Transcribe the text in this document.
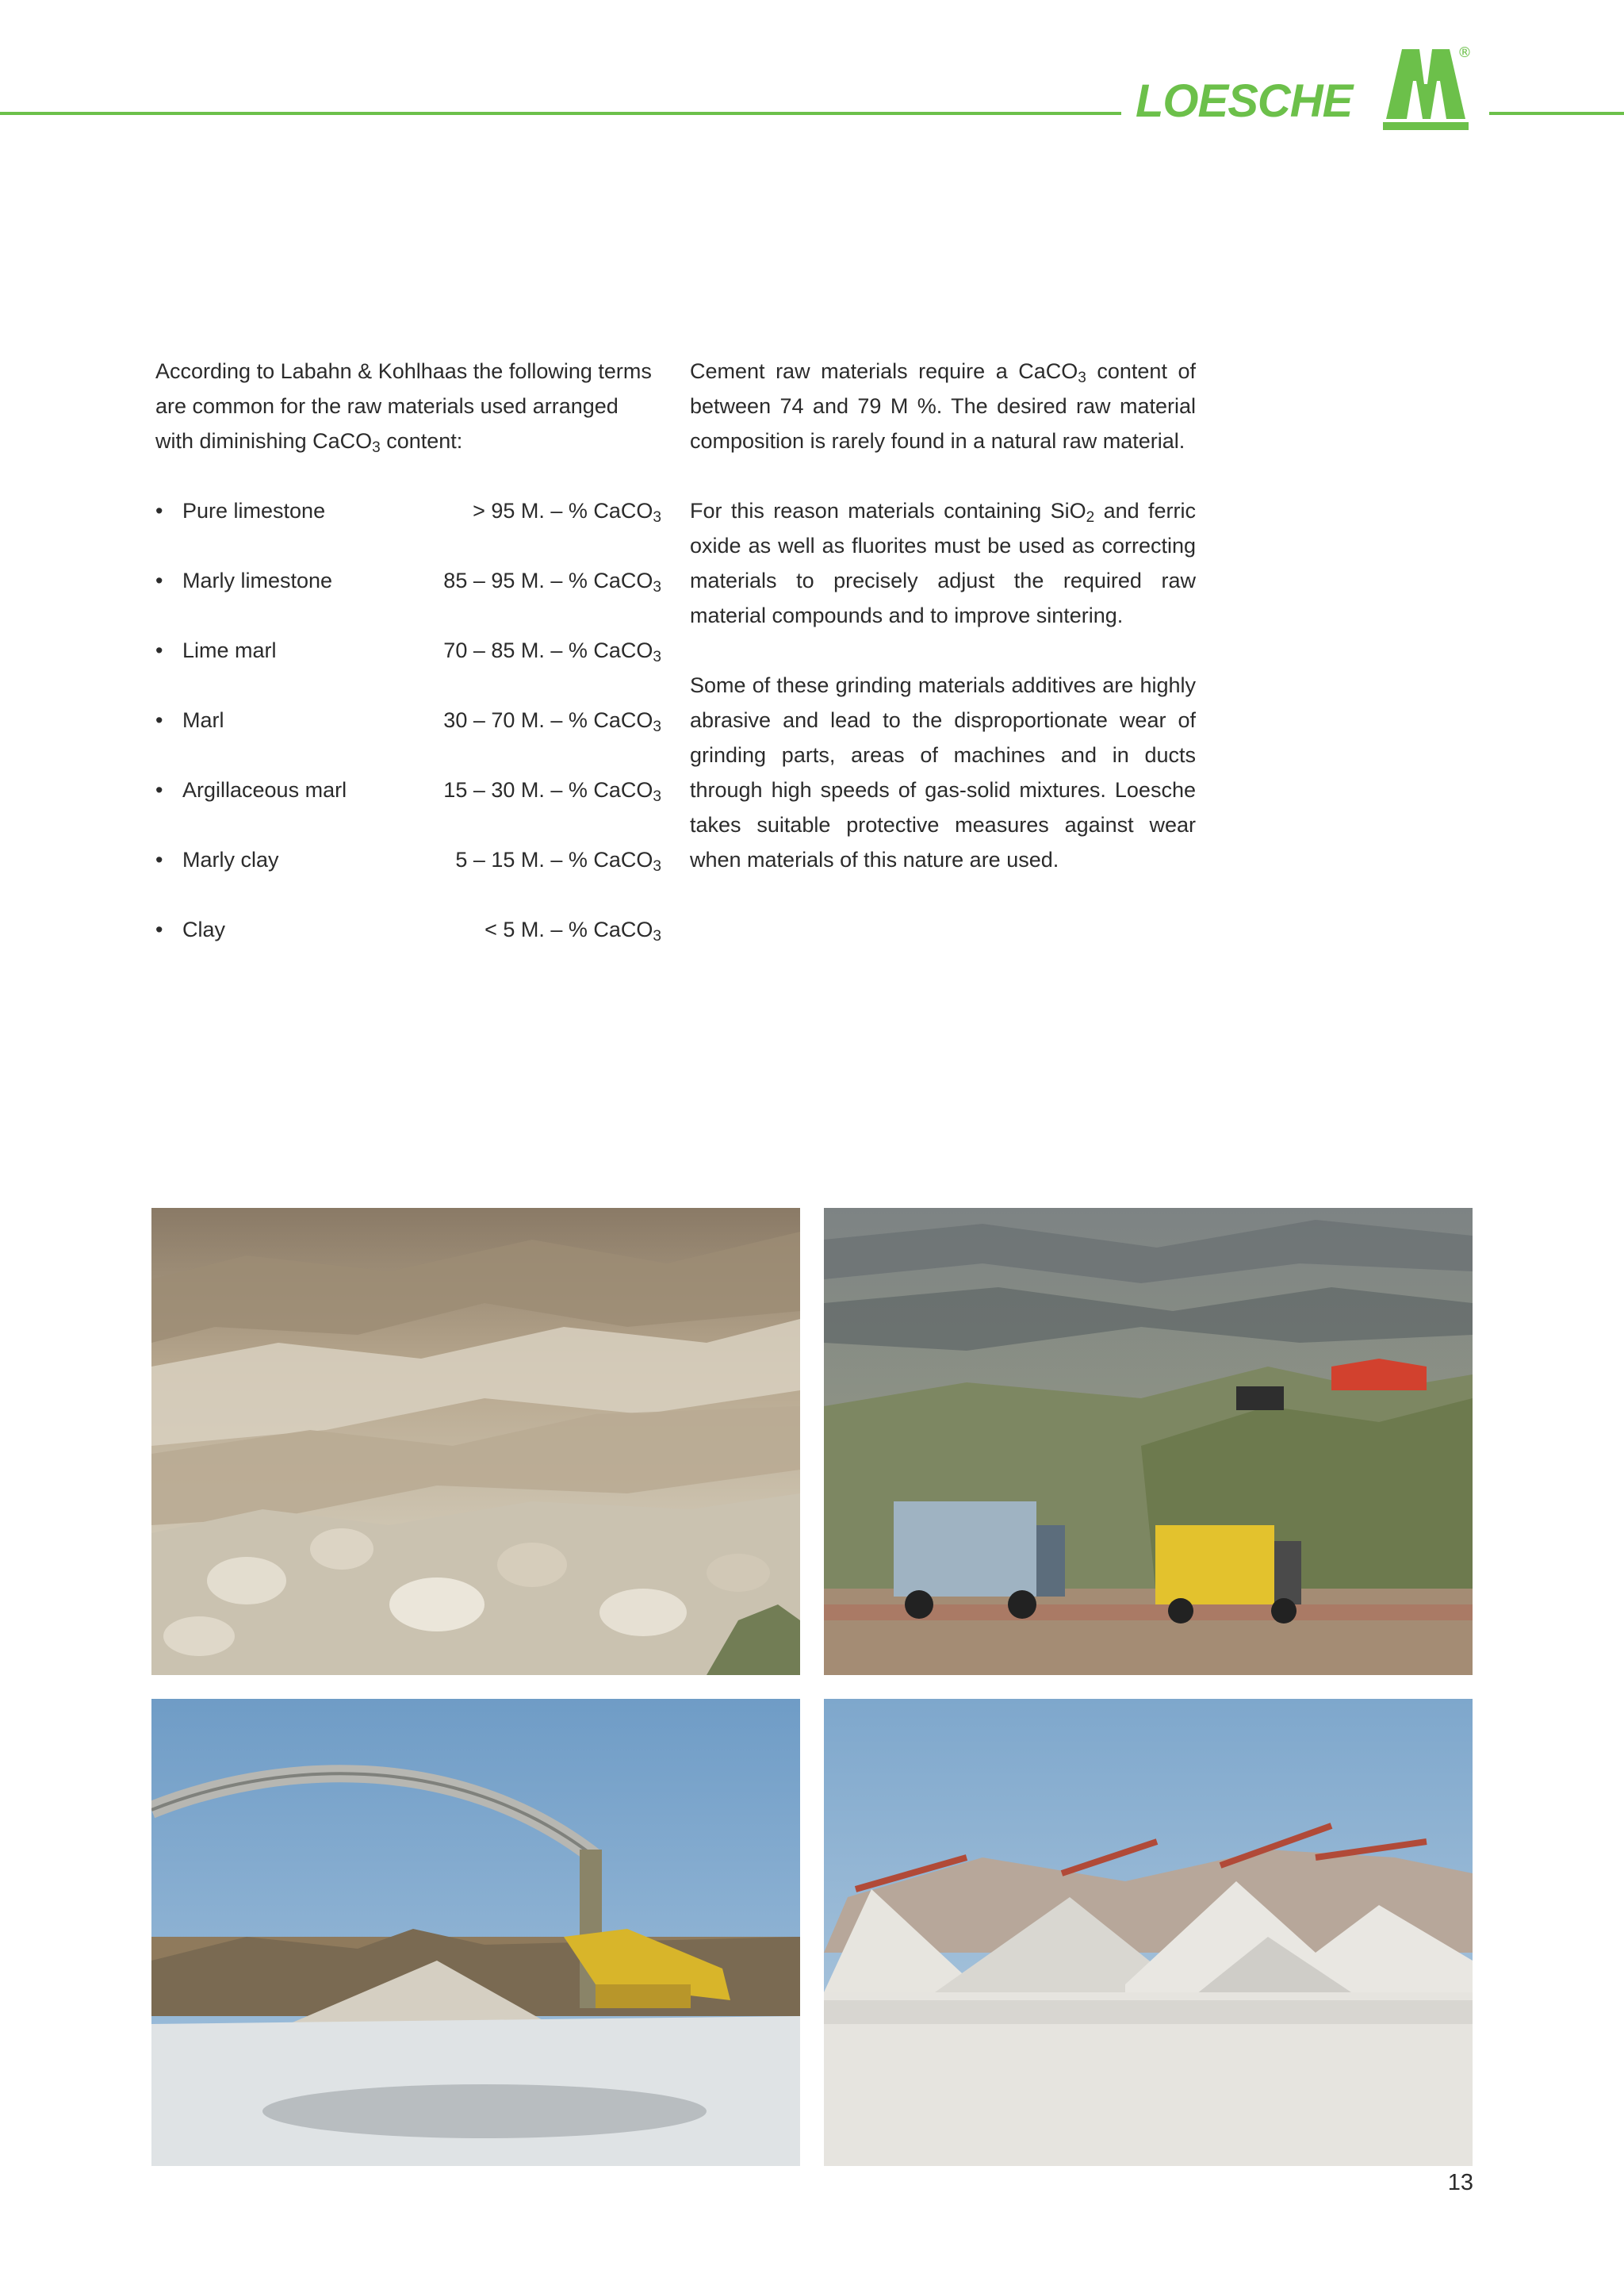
LOESCHE
®

According to Labahn & Kohlhaas the following terms are common for the raw materials used arranged with diminishing CaCO$_3$ content:

• Pure limestone	> 95 M. – % CaCO$_3$
• Marly limestone	85 – 95 M. – % CaCO$_3$
• Lime marl	70 – 85 M. – % CaCO$_3$
• Marl	30 – 70 M. – % CaCO$_3$
• Argillaceous marl	15 – 30 M. – % CaCO$_3$
• Marly clay	5 – 15 M. – % CaCO$_3$
• Clay	< 5 M. – % CaCO$_3$

Cement raw materials require a CaCO$_3$ content of between 74 and 79 M %. The desired raw material composition is rarely found in a natural raw material.

For this reason materials containing SiO$_2$ and ferric oxide as well as fluorites must be used as correcting materials to precisely adjust the required raw material compounds and to improve sintering.

Some of these grinding materials additives are highly abrasive and lead to the disproportionate wear of grinding parts, areas of machines and in ducts through high speeds of gas-solid mixtures. Loesche takes suitable protective measures against wear when materials of this nature are used.

13
